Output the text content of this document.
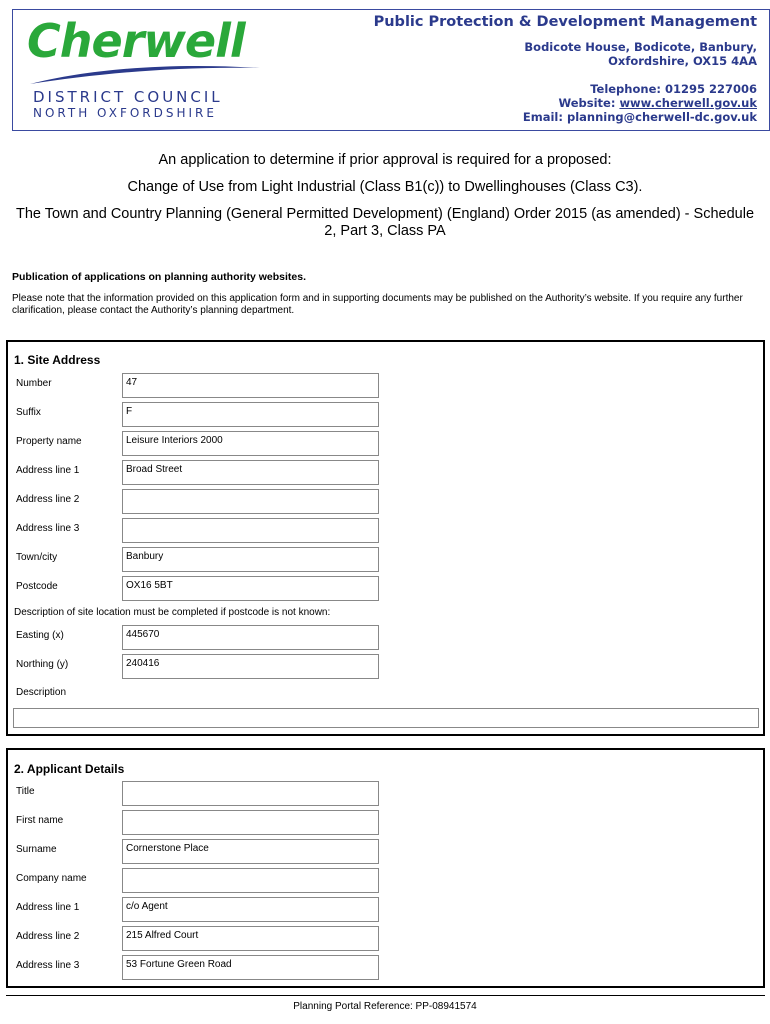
Cherwell
DISTRICT COUNCIL
NORTH OXFORDSHIRE
Public Protection & Development Management
Bodicote House, Bodicote, Banbury,
Oxfordshire, OX15 4AA
Telephone: 01295 227006
Website: www.cherwell.gov.uk
Email: planning@cherwell-dc.gov.uk

An application to determine if prior approval is required for a proposed:

Change of Use from Light Industrial (Class B1(c)) to Dwellinghouses (Class C3).

The Town and Country Planning (General Permitted Development) (England) Order 2015 (as amended) - Schedule 2, Part 3, Class PA

Publication of applications on planning authority websites.
Please note that the information provided on this application form and in supporting documents may be published on the Authority’s website. If you require any further clarification, please contact the Authority’s planning department.
1. Site Address
Number	47
Suffix	F
Property name	Leisure Interiors 2000
Address line 1	Broad Street
Address line 2
Address line 3
Town/city	Banbury
Postcode	OX16 5BT
Description of site location must be completed if postcode is not known:
Easting (x)	445670
Northing (y)	240416
Description
2. Applicant Details
Title
First name
Surname	Cornerstone Place
Company name
Address line 1	c/o Agent
Address line 2	215 Alfred Court
Address line 3	53 Fortune Green Road
Planning Portal Reference: PP-08941574
